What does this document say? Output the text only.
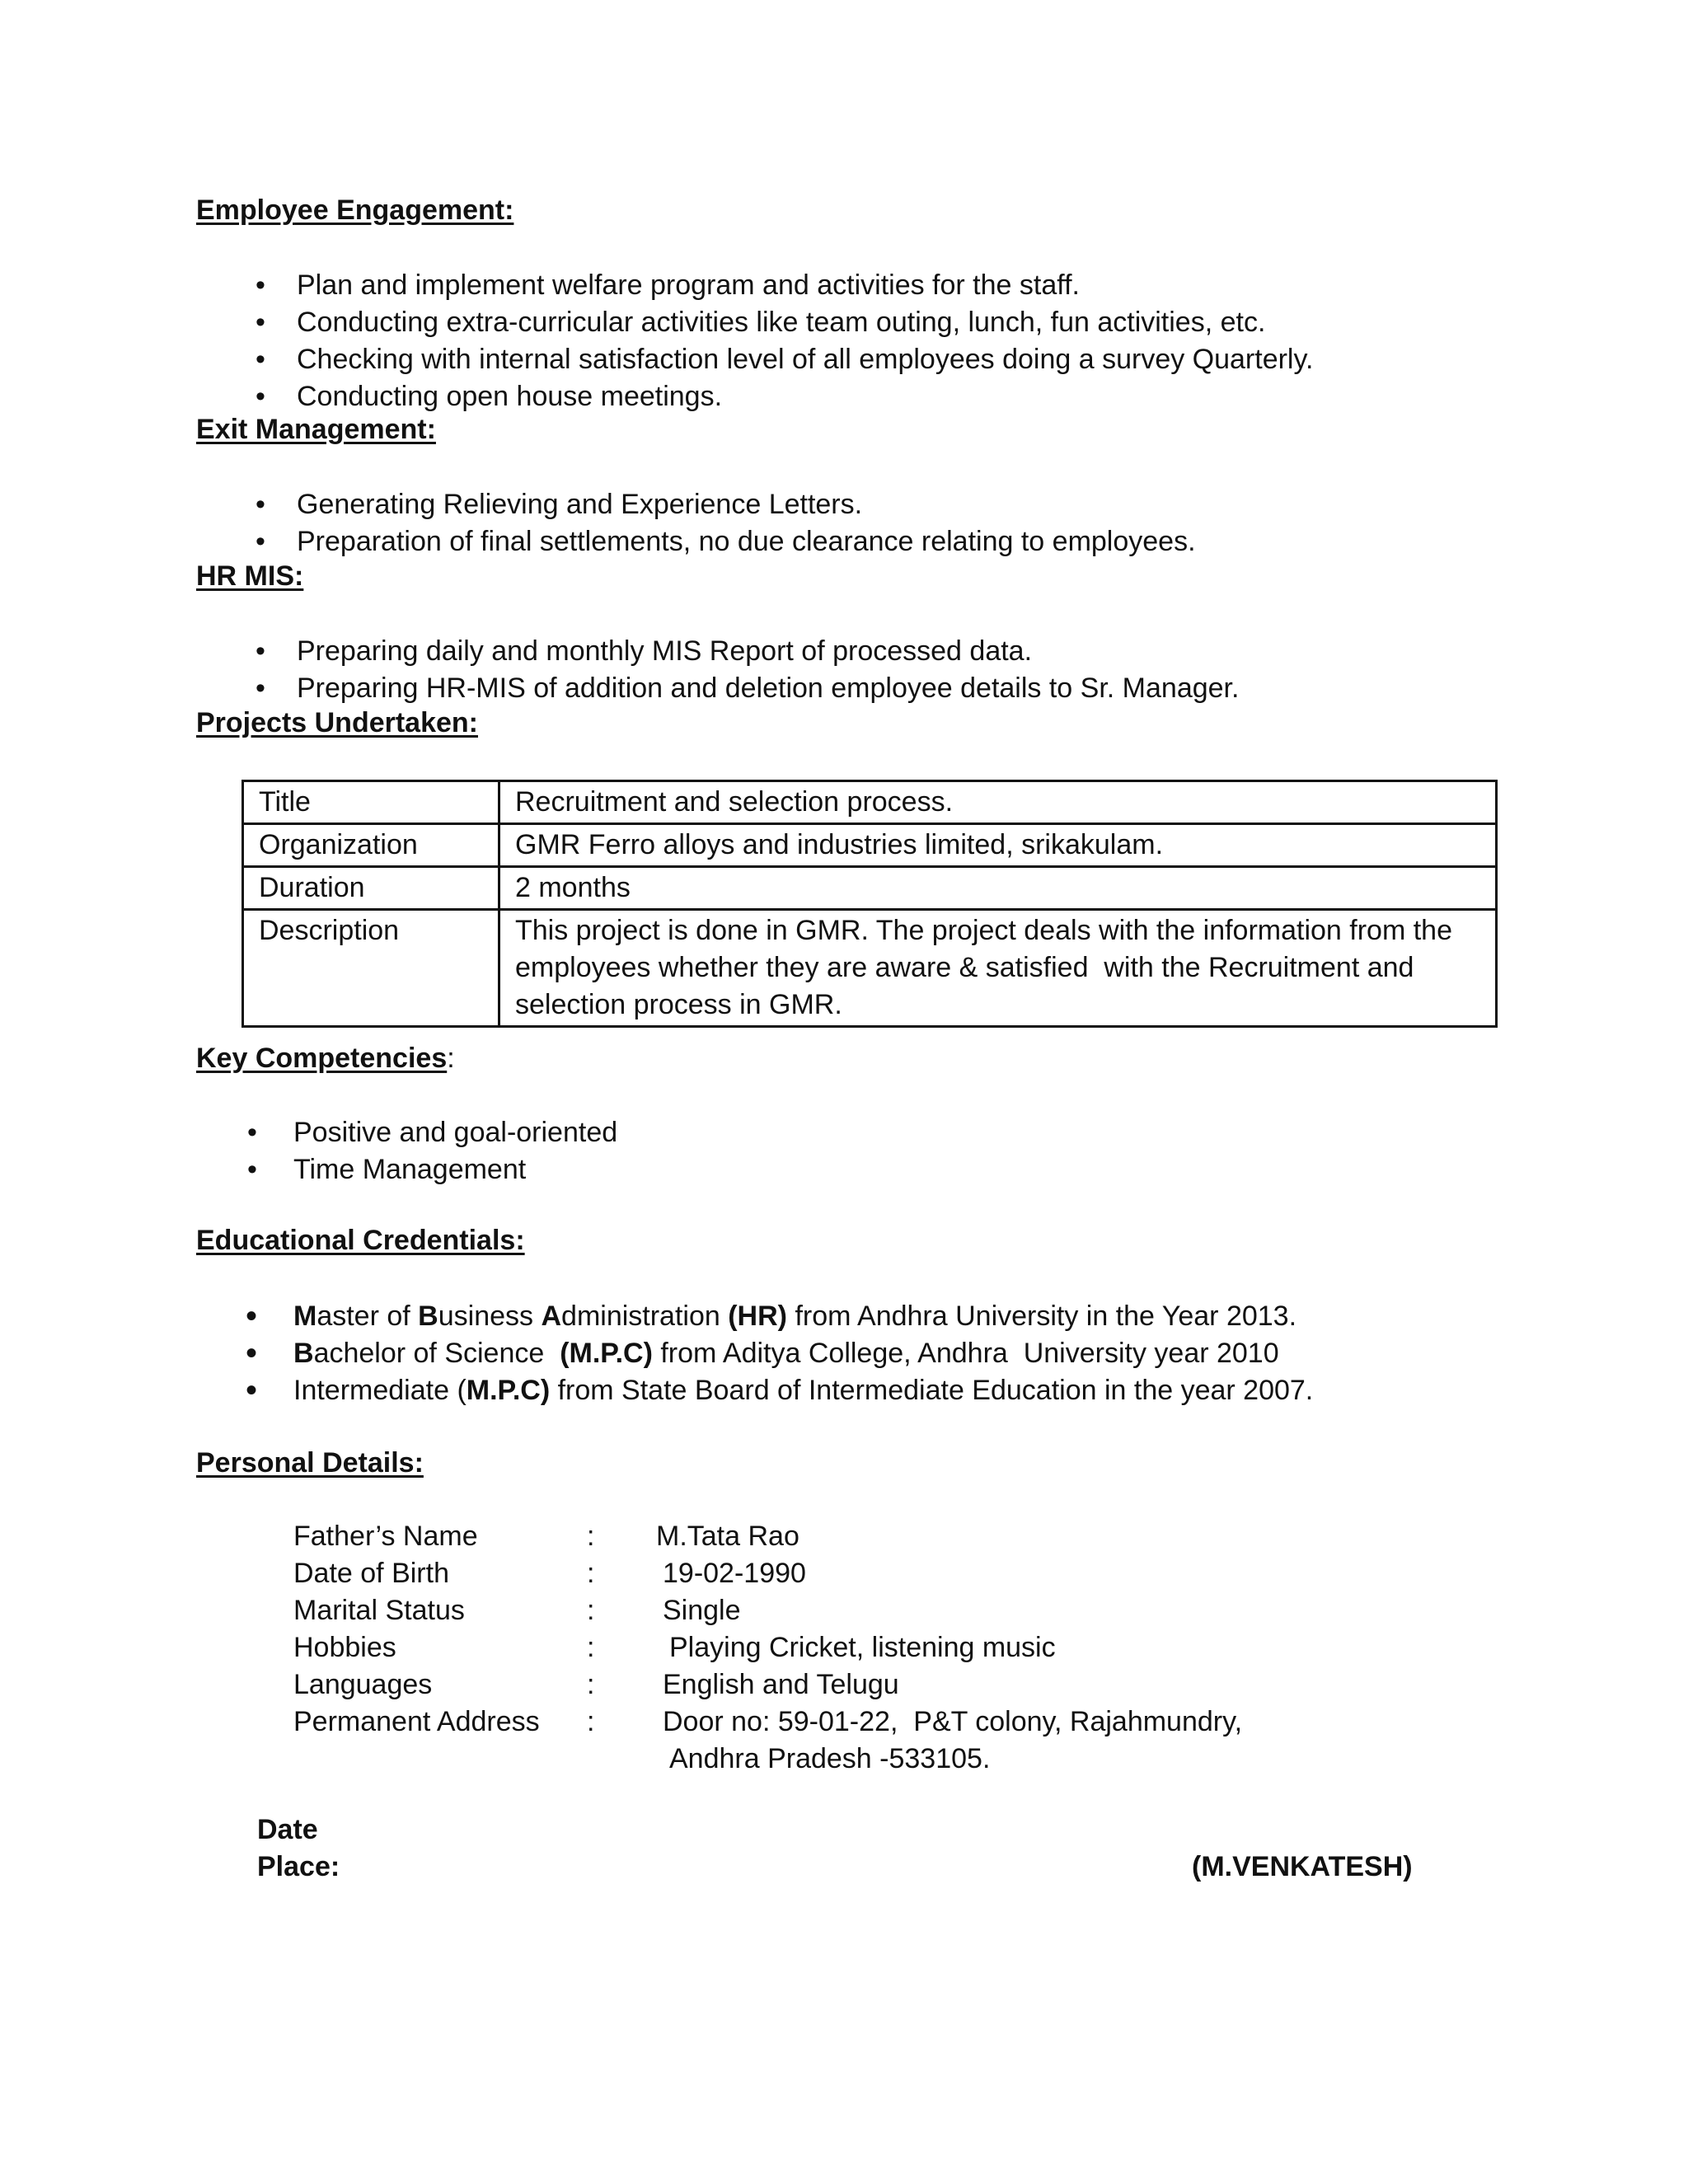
Employee Engagement:
• Plan and implement welfare program and activities for the staff.
• Conducting extra-curricular activities like team outing, lunch, fun activities, etc.
• Checking with internal satisfaction level of all employees doing a survey Quarterly.
• Conducting open house meetings.
Exit Management:
• Generating Relieving and Experience Letters.
• Preparation of final settlements, no due clearance relating to employees.
HR MIS:
• Preparing daily and monthly MIS Report of processed data.
• Preparing HR-MIS of addition and deletion employee details to Sr. Manager.
Projects Undertaken:
Title	Recruitment and selection process.
Organization	GMR Ferro alloys and industries limited, srikakulam.
Duration	2 months
Description	This project is done in GMR. The project deals with the information from the
employees whether they are aware & satisfied  with the Recruitment and
selection process in GMR.
Key Competencies:
• Positive and goal-oriented
• Time Management
Educational Credentials:
• Master of Business Administration (HR) from Andhra University in the Year 2013.
• Bachelor of Science  (M.P.C) from Aditya College, Andhra  University year 2010
• Intermediate (M.P.C) from State Board of Intermediate Education in the year 2007.
Personal Details:
Father’s Name	: M.Tata Rao
Date of Birth	: 19-02-1990
Marital Status	: Single
Hobbies	:	Playing Cricket, listening music
Languages	: English and Telugu
Permanent Address : Door no: 59-01-22,  P&T colony, Rajahmundry,
Andhra Pradesh -533105.
Date
Place:	(M.VENKATESH)
